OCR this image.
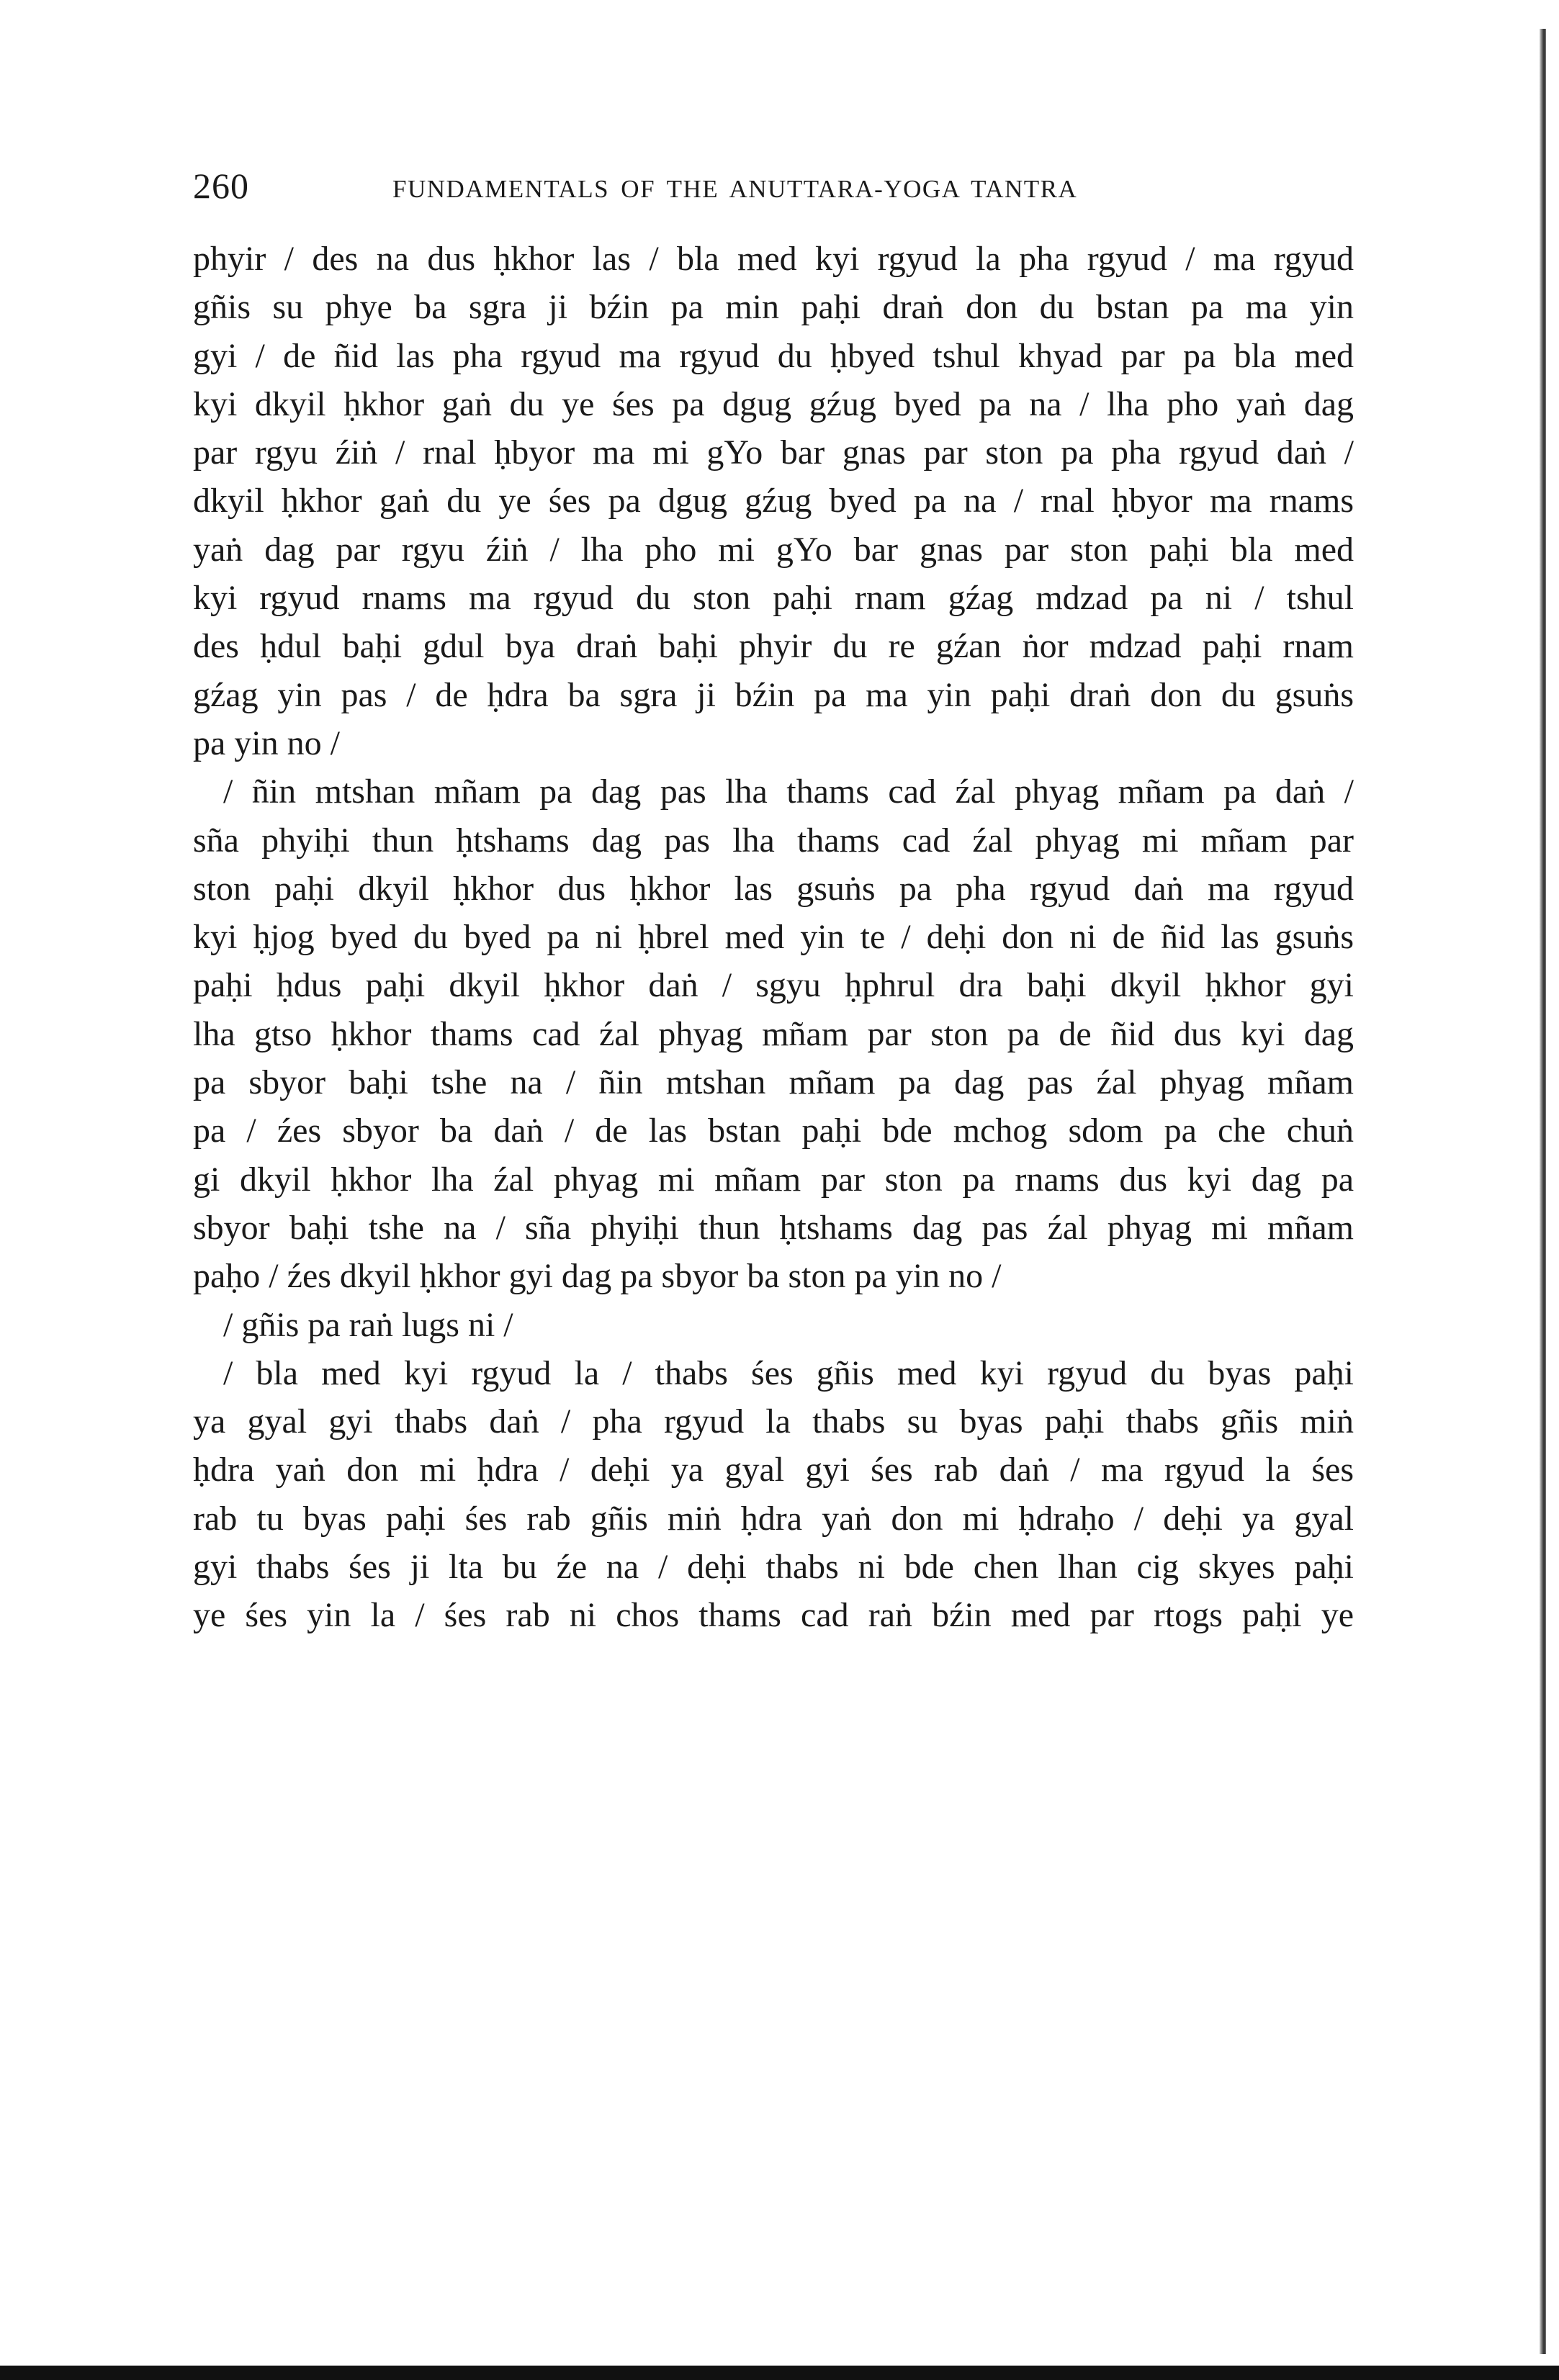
260	FUNDAMENTALS OF THE ANUTTARA-YOGA TANTRA
phyir / des na dus ḥkhor las / bla med kyi rgyud la pha rgyud / ma rgyud
gñis su phye ba sgra ji bźin pa min paḥi draṅ don du bstan pa ma yin
gyi / de ñid las pha rgyud ma rgyud du ḥbyed tshul khyad par pa bla med
kyi dkyil ḥkhor gaṅ du ye śes pa dgug gźug byed pa na / lha pho yaṅ dag
par rgyu źiṅ / rnal ḥbyor ma mi gYo bar gnas par ston pa pha rgyud daṅ /
dkyil ḥkhor gaṅ du ye śes pa dgug gźug byed pa na / rnal ḥbyor ma rnams
yaṅ dag par rgyu źiṅ / lha pho mi gYo bar gnas par ston paḥi bla med
kyi rgyud rnams ma rgyud du ston paḥi rnam gźag mdzad pa ni / tshul
des ḥdul baḥi gdul bya draṅ baḥi phyir du re gźan ṅor mdzad paḥi rnam
gźag yin pas / de ḥdra ba sgra ji bźin pa ma yin paḥi draṅ don du gsuṅs
pa yin no /
/ ñin mtshan mñam pa dag pas lha thams cad źal phyag mñam pa daṅ /
sña phyiḥi thun ḥtshams dag pas lha thams cad źal phyag mi mñam par
ston paḥi dkyil ḥkhor dus ḥkhor las gsuṅs pa pha rgyud daṅ ma rgyud
kyi ḥjog byed du byed pa ni ḥbrel med yin te / deḥi don ni de ñid las gsuṅs
paḥi ḥdus paḥi dkyil ḥkhor daṅ / sgyu ḥphrul dra baḥi dkyil ḥkhor gyi
lha gtso ḥkhor thams cad źal phyag mñam par ston pa de ñid dus kyi dag
pa sbyor baḥi tshe na / ñin mtshan mñam pa dag pas źal phyag mñam
pa / źes sbyor ba daṅ / de las bstan paḥi bde mchog sdom pa che chuṅ
gi dkyil ḥkhor lha źal phyag mi mñam par ston pa rnams dus kyi dag pa
sbyor baḥi tshe na / sña phyiḥi thun ḥtshams dag pas źal phyag mi mñam
paḥo / źes dkyil ḥkhor gyi dag pa sbyor ba ston pa yin no /
/ gñis pa raṅ lugs ni /
/ bla med kyi rgyud la / thabs śes gñis med kyi rgyud du byas paḥi
ya gyal gyi thabs daṅ / pha rgyud la thabs su byas paḥi thabs gñis miṅ
ḥdra yaṅ don mi ḥdra / deḥi ya gyal gyi śes rab daṅ / ma rgyud la śes
rab tu byas paḥi śes rab gñis miṅ ḥdra yaṅ don mi ḥdraḥo / deḥi ya gyal
gyi thabs śes ji lta bu źe na / deḥi thabs ni bde chen lhan cig skyes paḥi
ye śes yin la / śes rab ni chos thams cad raṅ bźin med par rtogs paḥi ye
